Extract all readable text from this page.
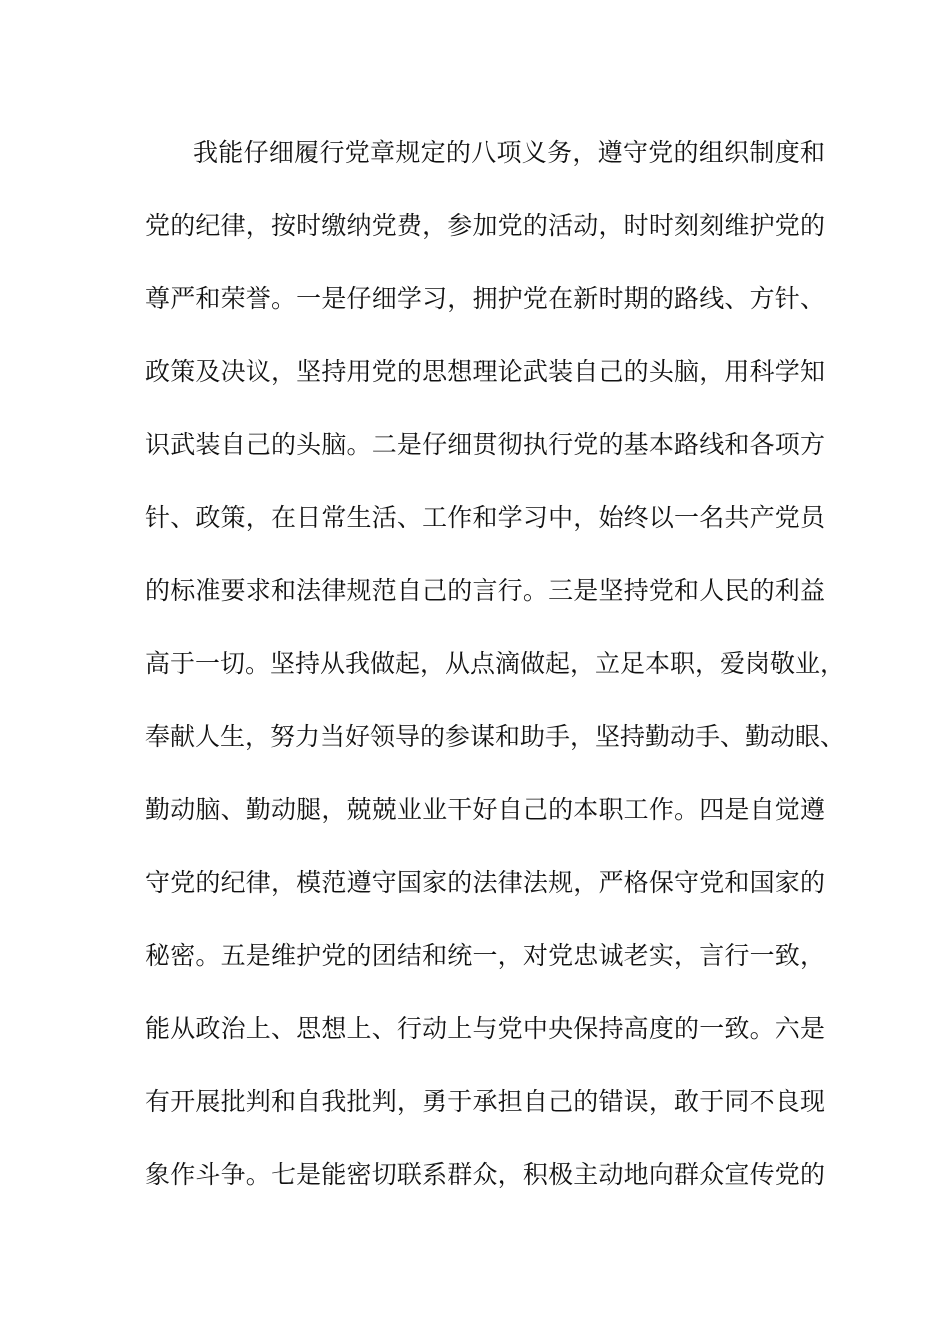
我能仔细履行党章规定的八项义务，遵守党的组织制度和
党的纪律，按时缴纳党费，参加党的活动，时时刻刻维护党的
尊严和荣誉。一是仔细学习，拥护党在新时期的路线、方针、
政策及决议，坚持用党的思想理论武装自己的头脑，用科学知
识武装自己的头脑。二是仔细贯彻执行党的基本路线和各项方
针、政策，在日常生活、工作和学习中，始终以一名共产党员
的标准要求和法律规范自己的言行。三是坚持党和人民的利益
高于一切。坚持从我做起，从点滴做起，立足本职，爱岗敬业，
奉献人生，努力当好领导的参谋和助手，坚持勤动手、勤动眼、
勤动脑、勤动腿，兢兢业业干好自己的本职工作。四是自觉遵
守党的纪律，模范遵守国家的法律法规，严格保守党和国家的
秘密。五是维护党的团结和统一，对党忠诚老实，言行一致，
能从政治上、思想上、行动上与党中央保持高度的一致。六是
有开展批判和自我批判，勇于承担自己的错误，敢于同不良现
象作斗争。七是能密切联系群众，积极主动地向群众宣传党的
